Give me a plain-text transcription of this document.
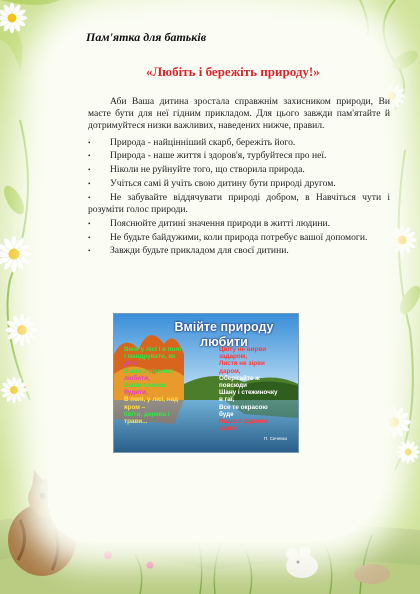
Пам'ятка для батьків
«Любіть і бережіть природу!»

Аби Ваша дитина зростала справжнім захисником природи, Ви маєте бути для неї гідним прикладом. Для цього завжди пам'ятайте й дотримуйтеся низки важливих, наведених нижче, правил.

• Природа - найцінніший скарб, бережіть його.
• Природа - наше життя і здоров'я, турбуйтеся про неї.
• Ніколи не руйнуйте того, що створила природа.
• Учіться самі й учіть свою дитину бути природі другом.
• Не забувайте віддячувати природі добром, в Навчіться чути і розуміти голос природи.
• Пояснюйте дитині значення природи в житті людини.
• Не будьте байдужими, коли природа потребує вашої допомоги.
• Завжди будьте прикладом для своєї дитини.
Вмійте природу
любити
Вмій у лісі і в полі
і мандрувати, як
діти,
Вміти з ріками і
любити,
Вміти стежки
будити,
В полі, у лісі, над
яром –
Квіти, дерева і
трави...
Цвіту не вирви
задаром,
Листя не зірви
даром,
Оберігайте ж
повсюди
Шану і стежиночку
в гаї,
Все те окрасою
буде
Нашого рідного
краю!
П. Сичевко
